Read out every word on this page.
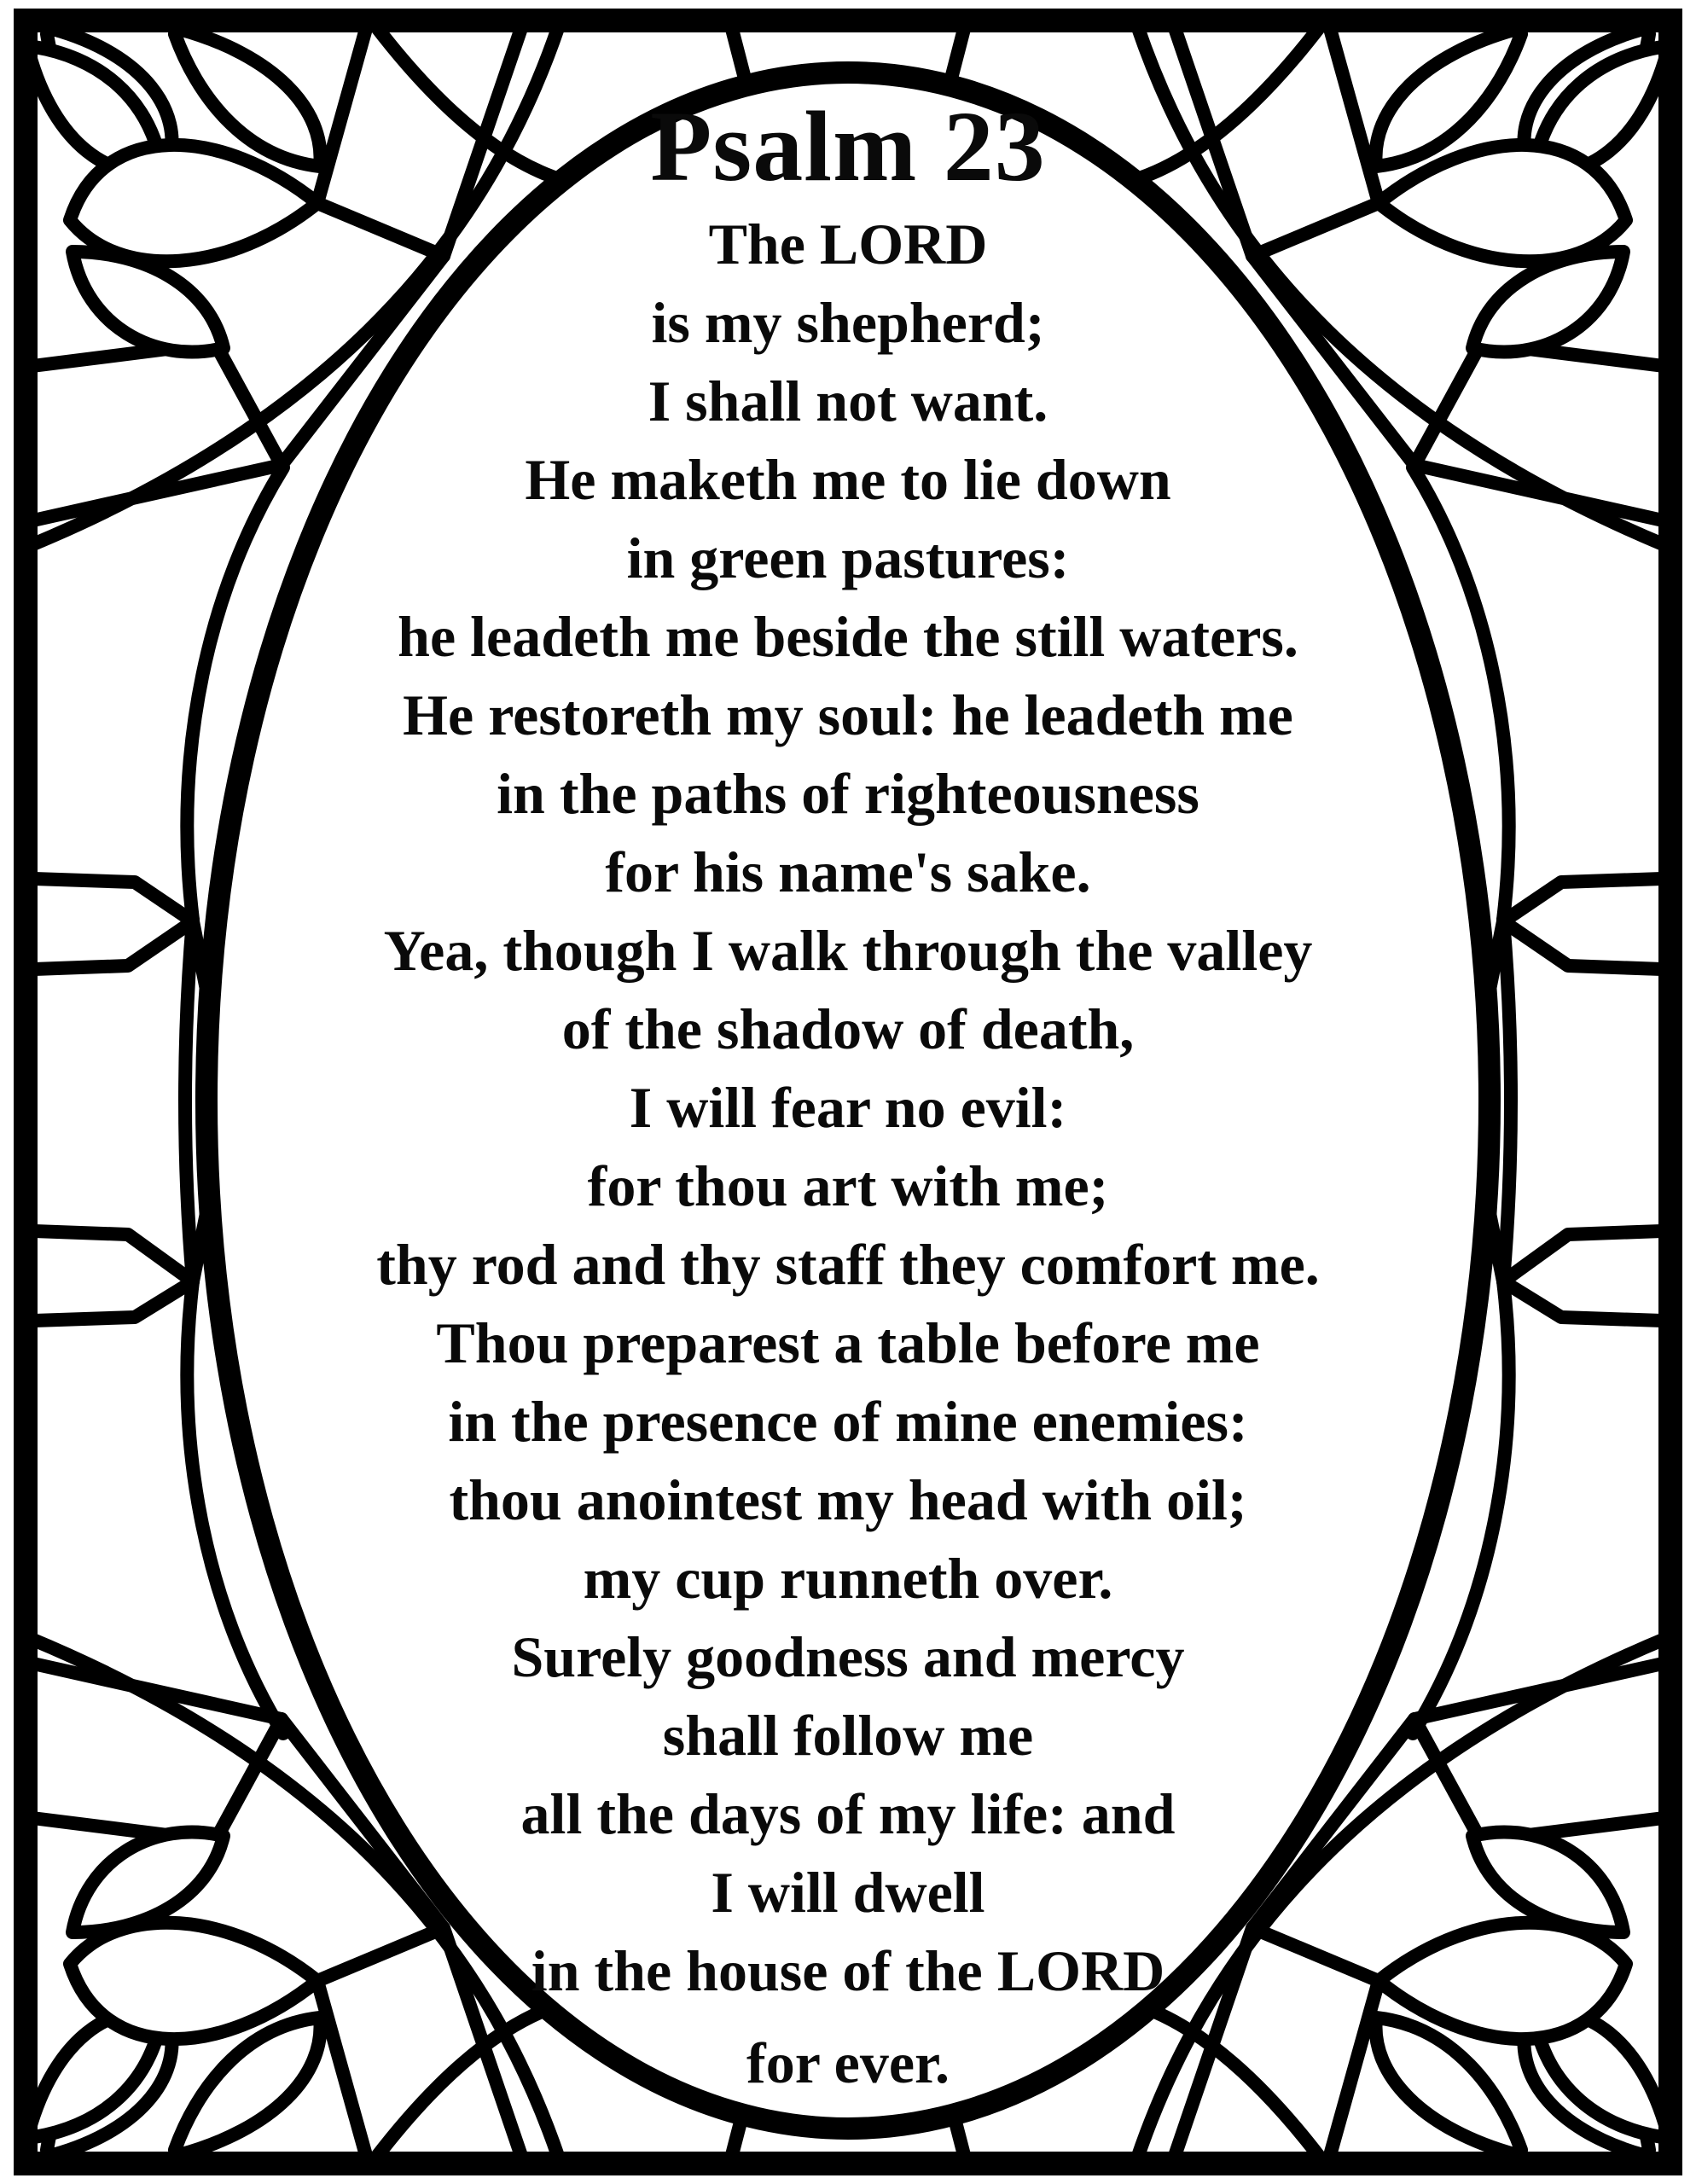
Psalm 23
The LORD
is my shepherd;
I shall not want.
He maketh me to lie down
in green pastures:
he leadeth me beside the still waters.
He restoreth my soul: he leadeth me
in the paths of righteousness
for his name's sake.
Yea, though I walk through the valley
of the shadow of death,
I will fear no evil:
for thou art with me;
thy rod and thy staff they comfort me.
Thou preparest a table before me
in the presence of mine enemies:
thou anointest my head with oil;
my cup runneth over.
Surely goodness and mercy
shall follow me
all the days of my life: and
I will dwell
in the house of the LORD
for ever.
